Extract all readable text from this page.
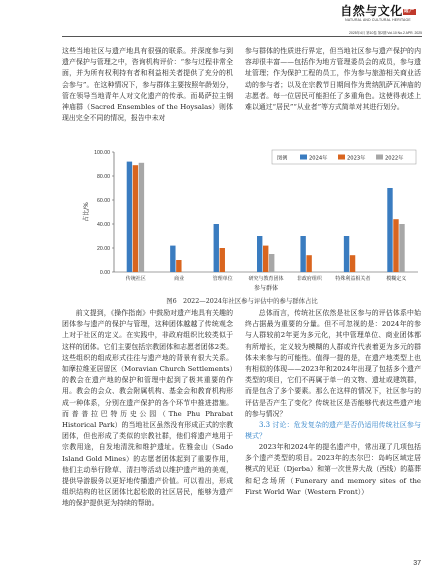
自然与文化遗产
NATURAL AND CULTURAL HERITAGE
2025年4月 第10卷 第2期 Vol.10 No.2 APR. 2025

这些当地社区与遗产地具有很强的联系。并深度参与到遗产保护与管理之中，咨询机构评价：“参与过程非常全面，并为所有权利持有者和利益相关者提供了充分的机会参与”。在这种情况下，参与群体主要按照年龄划分，管在领导当地青年人对文化遗产的传承。而曷萨拉主钢神庙群（Sacred Ensembles of the Hoysalas）则体现出完全不同的情况，报告中未对

参与群体的性质进行界定，但当地社区参与遗产保护的内容却很丰富——包括作为地方管理委员会的成员，参与遗址管理；作为保护工程的员工，作为参与旅游相关商业活动的参与者；以及在宗教节日期间作为贵纳凯萨瓦神庙的志愿者。每一位居民可能担任了多重角色。这使得表述上难以通过“居民”“从业者”等方式简单对其进行划分。

0.00
20.00
40.00
60.00
80.00
100.00
占比/%
传统社区	商业	管理单位	研究与教育团体	非政府组织	特殊利益相关者	模糊定义
参与群体
图例	2024年	2023年	2022年
图6　2022—2024年社区参与评估中的参与群体占比

前文提到，《操作指南》中鼓励对遗产地具有关趣的团体参与遗产的保护与管理，这种团体越越了传统观念上对于社区的定义。在实践中，非政府组织比较类似于这样的团体。它们主要包括宗教团体和志愿者团体2类。这些组织的组成形式往往与遗产地的背景有很大关系。如摩拉维亚居留区（Moravian Church Settlements）的教会在遗产地的保护和管理中起到了极其重要的作用。教会的会众、教会附属机构、基金会和教育机构形成一种体系，分别在遗产保护的各个环节中推进措施。而普普拉巴特历史公园（The Phu Phrabat Historical Park）的当地社区虽然没有形成正式的宗教团体，但也形成了类似的宗教社群，他们将遗产地用于宗教用途，自发地清洗和维护遗址。佐雅金山（Sado Island Gold Mines）的志愿者团体起到了重要作用，他们主动举行除草、清扫等活动以维护遗产地的美观，提供导游服务以更好地传播遗产价值。可以看出，形成组织结构的社区团体比起松散的社区居民，能够为遗产地的保护提供更为持续的帮助。

总体而言，传统社区依然是社区参与的评估体系中始终占据最为重要的分量。但不可忽视的是：2024年的参与人群较前2年更为多元化，其中管理单位、商业团体都有所增长，定义较为模糊的人群或许代表着更为多元的群体未来参与的可能性。值得一提的是，在遗产地类型上也有相似的体现——2023年和2024年出现了包括多个遗产类型的项目，它们不再属于单一的文物、遗址或建筑群，而是包含了多个要素。那么在这样的情况下，社区参与的评估是否产生了变化？传统社区是否能够代表这些遗产地的参与情况？

3.3 讨论：危发复杂的遗产是否仍适用传统社区参与模式？

2023年和2024年的提名遗产中，常出现了几项包括多个遗产类型的项目。2023年的杰尔巴：岛屿区域定居模式的见证（Djerba）和第一次世界大战（西线）的墓葬和纪念场所（Funerary and memory sites of the First World War（Western Front））

37
